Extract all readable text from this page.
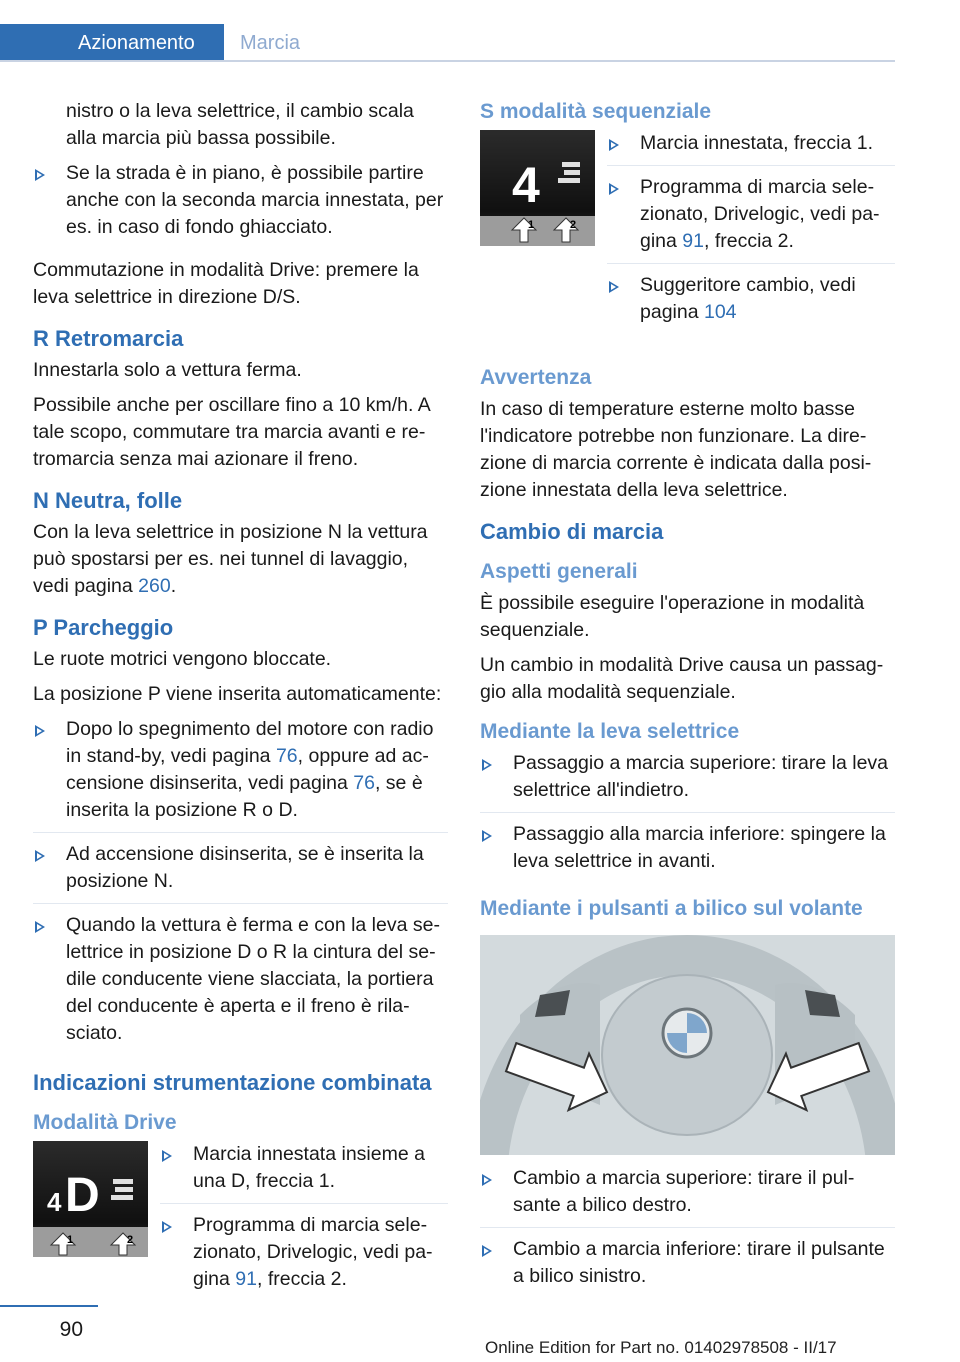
Azionamento	Marcia

nistro o la leva selettrice, il cambio scala alla marcia più bassa possibile.

Se la strada è in piano, è possibile partire anche con la seconda marcia innestata, per es. in caso di fondo ghiacciato.

Commutazione in modalità Drive: premere la leva selettrice in direzione D/S.

R Retromarcia

Innestarla solo a vettura ferma.

Possibile anche per oscillare fino a 10 km/h. A tale scopo, commutare tra marcia avanti e retromarcia senza mai azionare il freno.

N Neutra, folle

Con la leva selettrice in posizione N la vettura può spostarsi per es. nei tunnel di lavaggio, vedi pagina 260.

P Parcheggio

Le ruote motrici vengono bloccate.

La posizione P viene inserita automaticamente:

Dopo lo spegnimento del motore con radio in stand-by, vedi pagina 76, oppure ad accensione disinserita, vedi pagina 76, se è inserita la posizione R o D.
Ad accensione disinserita, se è inserita la posizione N.
Quando la vettura è ferma e con la leva selettrice in posizione D o R la cintura del sedile conducente viene slacciata, la portiera del conducente è aperta e il freno è rilasciato.
Indicazioni strumentazione combinata
Modalità Drive
4 D
1	2
Marcia innestata insieme a una D, freccia 1.
Programma di marcia selezionato, Drivelogic, vedi pagina 91, freccia 2.
S modalità sequenziale
4
1	2
Marcia innestata, freccia 1.
Programma di marcia selezionato, Drivelogic, vedi pagina 91, freccia 2.
Suggeritore cambio, vedi pagina 104
Avvertenza

In caso di temperature esterne molto basse l'indicatore potrebbe non funzionare. La direzione di marcia corrente è indicata dalla posizione innestata della leva selettrice.

Cambio di marcia
Aspetti generali

È possibile eseguire l'operazione in modalità sequenziale.

Un cambio in modalità Drive causa un passaggio alla modalità sequenziale.

Mediante la leva selettrice
Passaggio a marcia superiore: tirare la leva selettrice all'indietro.
Passaggio alla marcia inferiore: spingere la leva selettrice in avanti.
Mediante i pulsanti a bilico sul volante
Cambio a marcia superiore: tirare il pulsante a bilico destro.
Cambio a marcia inferiore: tirare il pulsante a bilico sinistro.
90
Online Edition for Part no. 01402978508 - II/17
